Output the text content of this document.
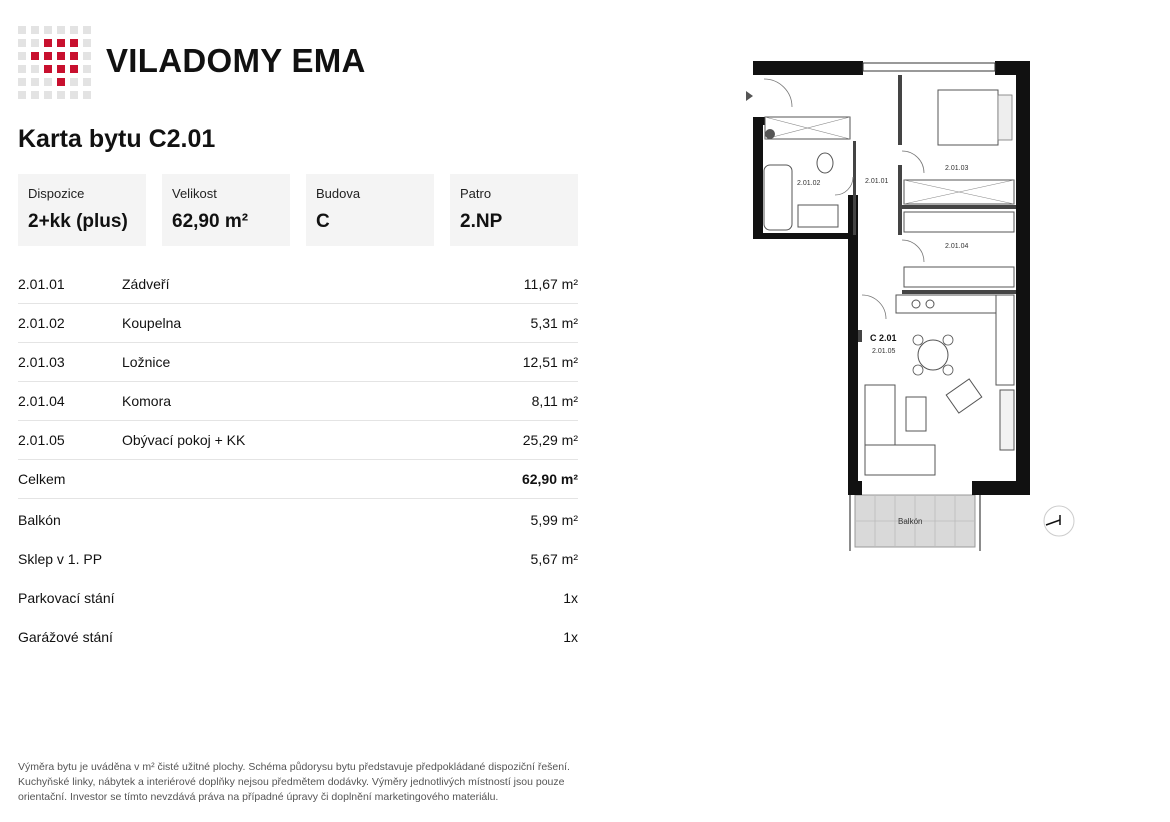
VILADOMY EMA
Karta bytu C2.01
Dispozice
2+kk (plus)
Velikost
62,90 m²
Budova
C
Patro
2.NP
2.01.01	Zádveří	11,67 m²
2.01.02	Koupelna	5,31 m²
2.01.03	Ložnice	12,51 m²
2.01.04	Komora	8,11 m²
2.01.05	Obývací pokoj + KK	25,29 m²
Celkem	62,90 m²
Balkón	5,99 m²
Sklep v 1. PP	5,67 m²
Parkovací stání	1x
Garážové stání	1x

Výměra bytu je uváděna v m² čisté užitné plochy. Schéma půdorysu bytu představuje předpokládané dispoziční řešení. Kuchyňské linky, nábytek a interiérové doplňky nejsou předmětem dodávky. Výměry jednotlivých místností jsou pouze orientační. Investor se tímto nevzdává práva na případné úpravy či doplnění marketingového materiálu.

2.01.01
2.01.02
2.01.03
2.01.04
2.01.05
Balkón
C 2.01
